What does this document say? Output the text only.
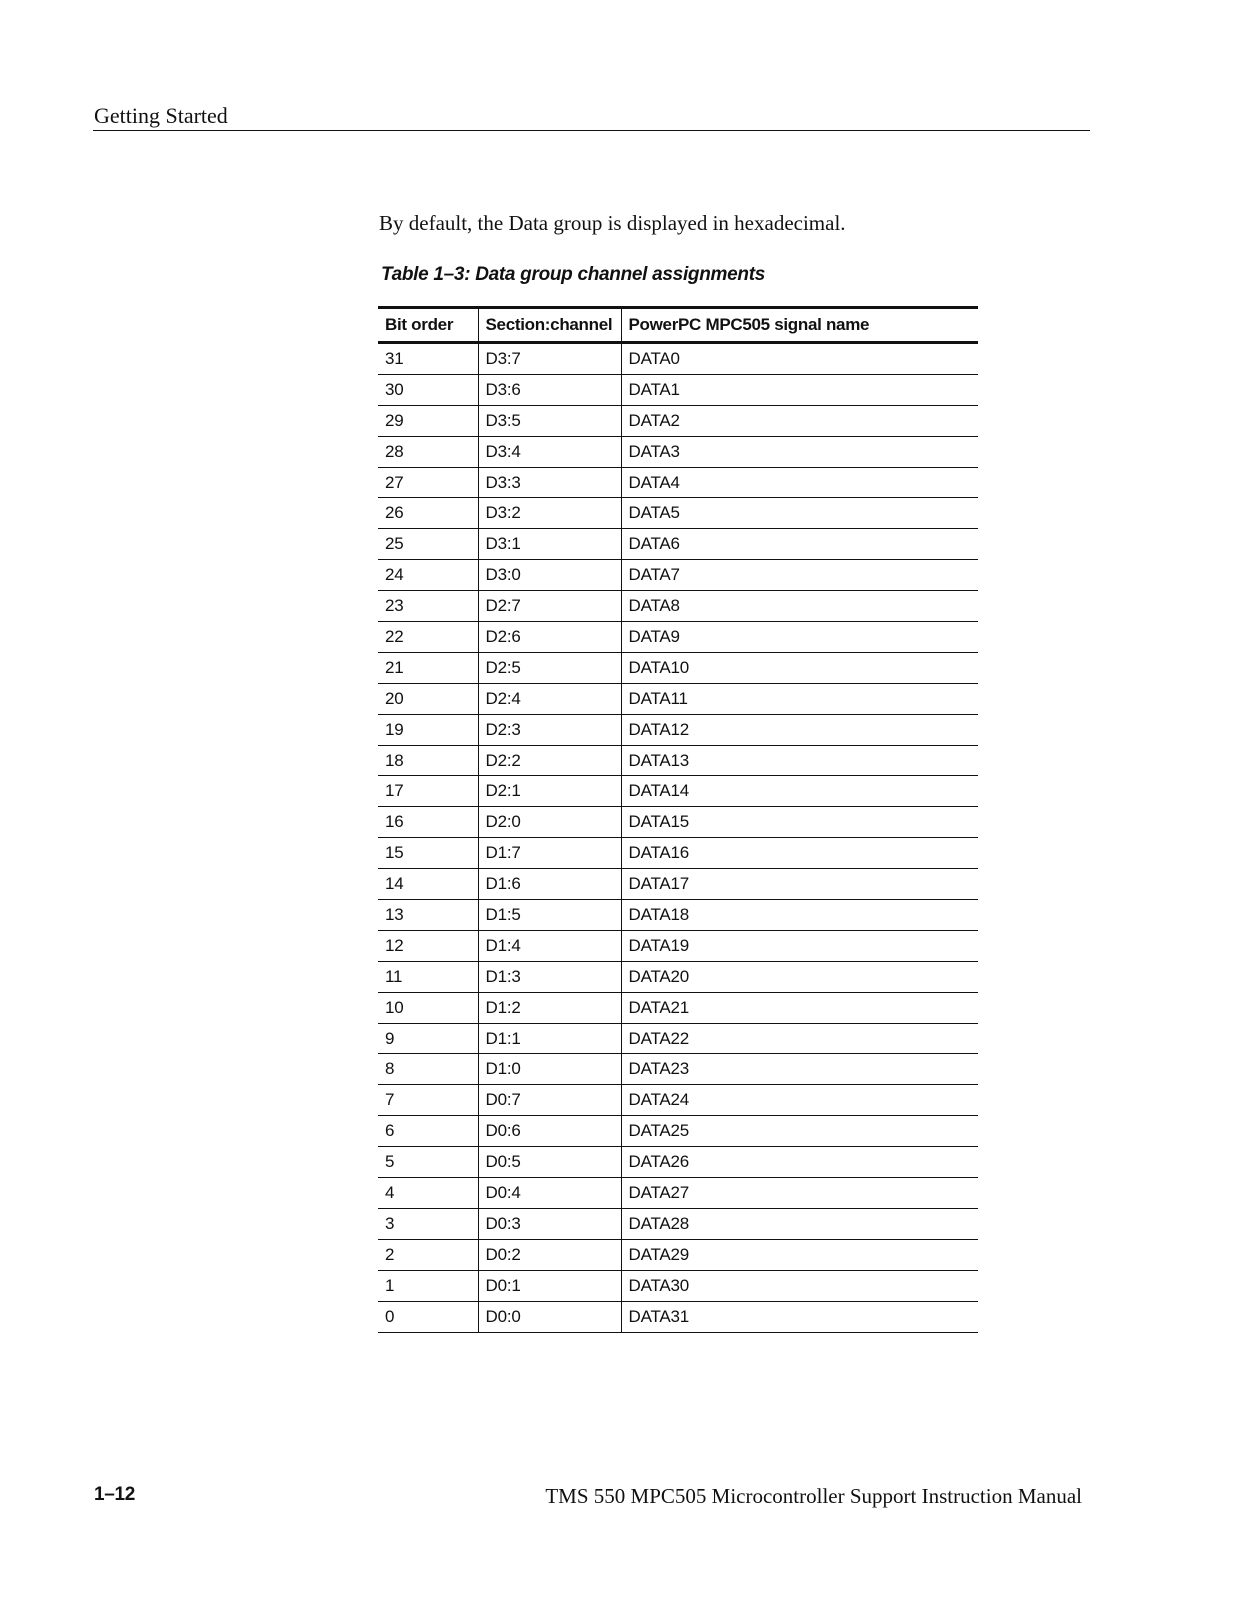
Getting Started

By default, the Data group is displayed in hexadecimal.

Table 1–3: Data group channel assignments
Bit order	Section:channel	PowerPC MPC505 signal name
31	D3:7	DATA0
30	D3:6	DATA1
29	D3:5	DATA2
28	D3:4	DATA3
27	D3:3	DATA4
26	D3:2	DATA5
25	D3:1	DATA6
24	D3:0	DATA7
23	D2:7	DATA8
22	D2:6	DATA9
21	D2:5	DATA10
20	D2:4	DATA11
19	D2:3	DATA12
18	D2:2	DATA13
17	D2:1	DATA14
16	D2:0	DATA15
15	D1:7	DATA16
14	D1:6	DATA17
13	D1:5	DATA18
12	D1:4	DATA19
11	D1:3	DATA20
10	D1:2	DATA21
9	D1:1	DATA22
8	D1:0	DATA23
7	D0:7	DATA24
6	D0:6	DATA25
5	D0:5	DATA26
4	D0:4	DATA27
3	D0:3	DATA28
2	D0:2	DATA29
1	D0:1	DATA30
0	D0:0	DATA31
1–12	TMS 550 MPC505 Microcontroller Support Instruction Manual
